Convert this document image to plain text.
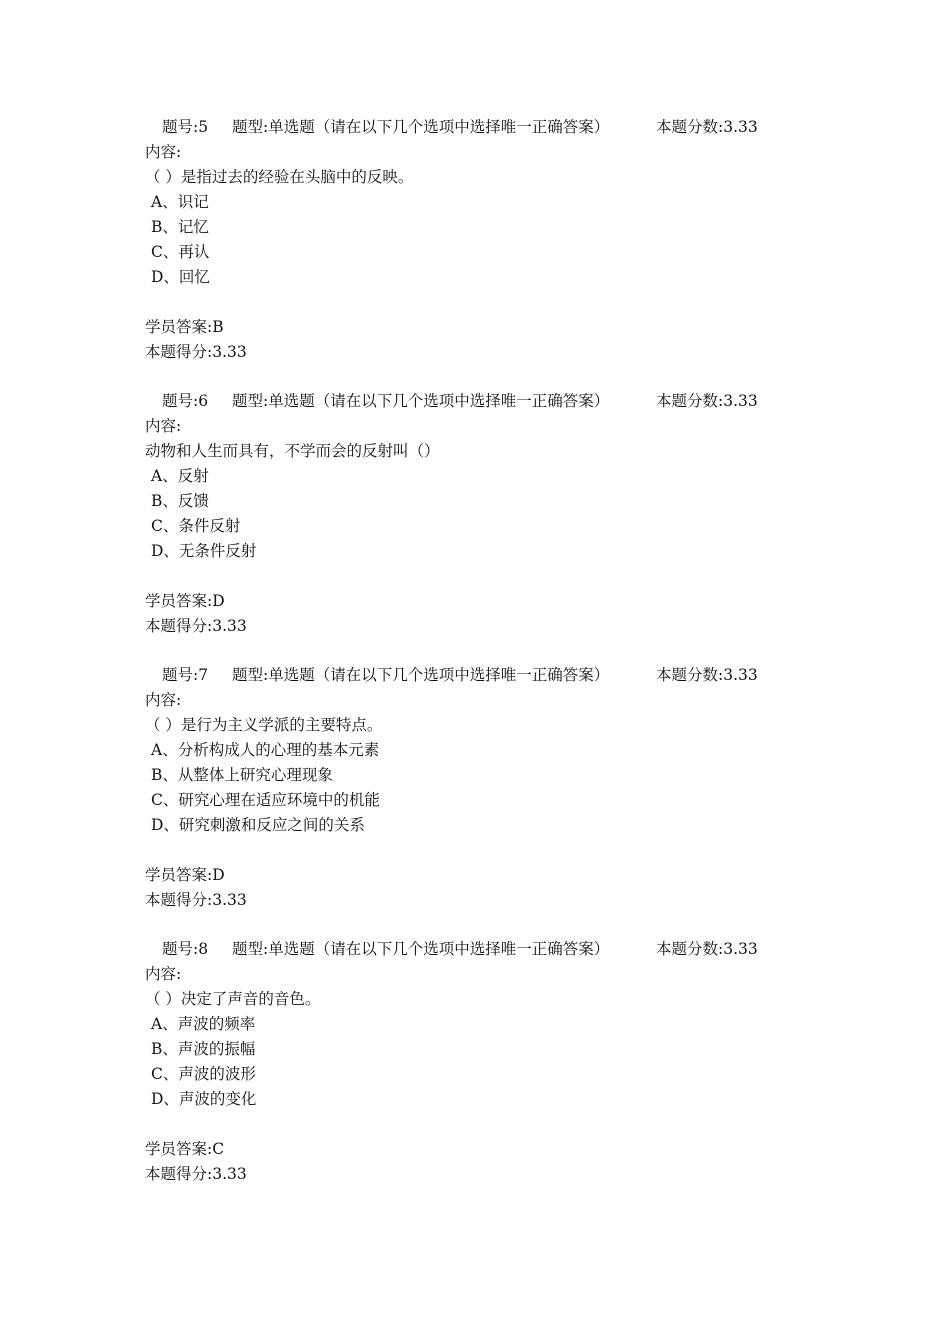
题号:5 题型:单选题（请在以下几个选项中选择唯一正确答案）	本题分数:3.33
内容:
（ ）是指过去的经验在头脑中的反映。
A、识记
B、记忆
C、再认
D、回忆
学员答案:B
本题得分:3.33
题号:6 题型:单选题（请在以下几个选项中选择唯一正确答案）	本题分数:3.33
内容:
动物和人生而具有，不学而会的反射叫（）
A、反射
B、反馈
C、条件反射
D、无条件反射
学员答案:D
本题得分:3.33
题号:7 题型:单选题（请在以下几个选项中选择唯一正确答案）	本题分数:3.33
内容:
（ ）是行为主义学派的主要特点。
A、分析构成人的心理的基本元素
B、从整体上研究心理现象
C、研究心理在适应环境中的机能
D、研究刺激和反应之间的关系
学员答案:D
本题得分:3.33
题号:8 题型:单选题（请在以下几个选项中选择唯一正确答案）	本题分数:3.33
内容:
（ ）决定了声音的音色。
A、声波的频率
B、声波的振幅
C、声波的波形
D、声波的变化
学员答案:C
本题得分:3.33
